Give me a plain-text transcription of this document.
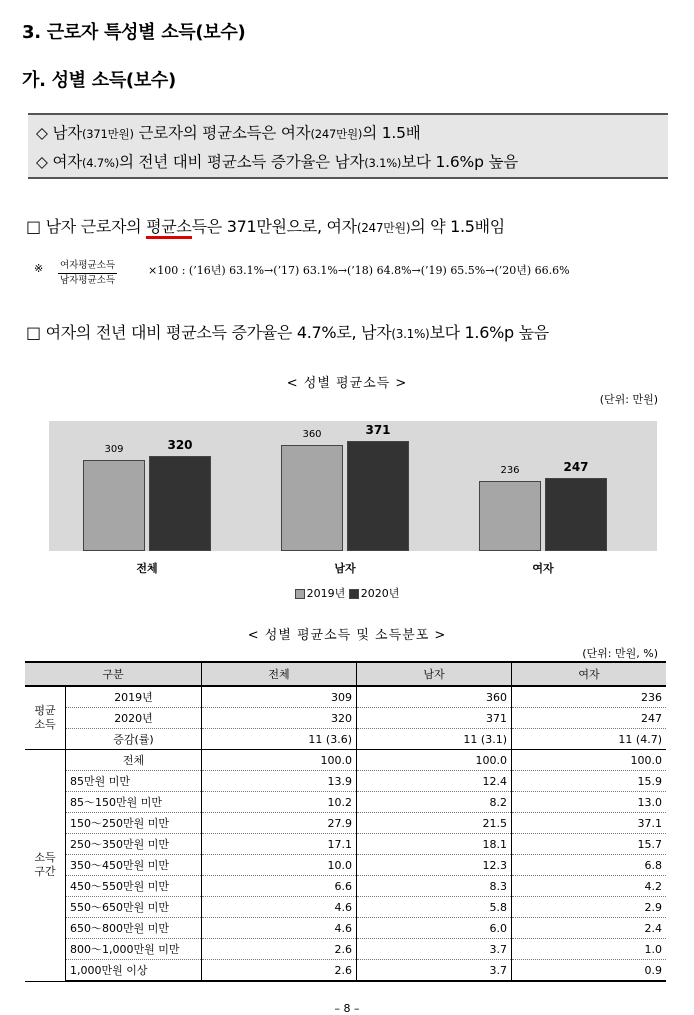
3. 근로자 특성별 소득(보수)
가. 성별 소득(보수)
◇ 남자(371만원) 근로자의 평균소득은 여자(247만원)의 1.5배
◇ 여자(4.7%)의 전년 대비 평균소득 증가율은 남자(3.1%)보다 1.6%p 높음
□ 남자 근로자의 평균소득은 371만원으로, 여자(247만원)의 약 1.5배임
※ 여자평균소득
남자평균소득
×100 : (’16년) 63.1%→(’17) 63.1%→(’18) 64.8%→(’19) 65.5%→(’20년) 66.6%
□ 여자의 전년 대비 평균소득 증가율은 4.7%로, 남자(3.1%)보다 1.6%p 높음
< 성별 평균소득 >
(단위: 만원)
309	320
360	371
236	247
전체	남자	여자
2019년 2020년
< 성별 평균소득 및 소득분포 >
(단위: 만원, %)
구분		전체	남자	여자
평균
소득	2019년	309	360	236
	2020년	320	371	247
	증감(률)	11 (3.6)	11 (3.1)	11 (4.7)
소득
구간	전체	100.0	100.0	100.0
	85만원 미만	13.9	12.4	15.9
	85～150만원 미만	10.2	8.2	13.0
	150～250만원 미만	27.9	21.5	37.1
	250～350만원 미만	17.1	18.1	15.7
	350～450만원 미만	10.0	12.3	6.8
	450～550만원 미만	6.6	8.3	4.2
	550～650만원 미만	4.6	5.8	2.9
	650～800만원 미만	4.6	6.0	2.4
	800～1,000만원 미만	2.6	3.7	1.0
	1,000만원 이상	2.6	3.7	0.9
– 8 –
